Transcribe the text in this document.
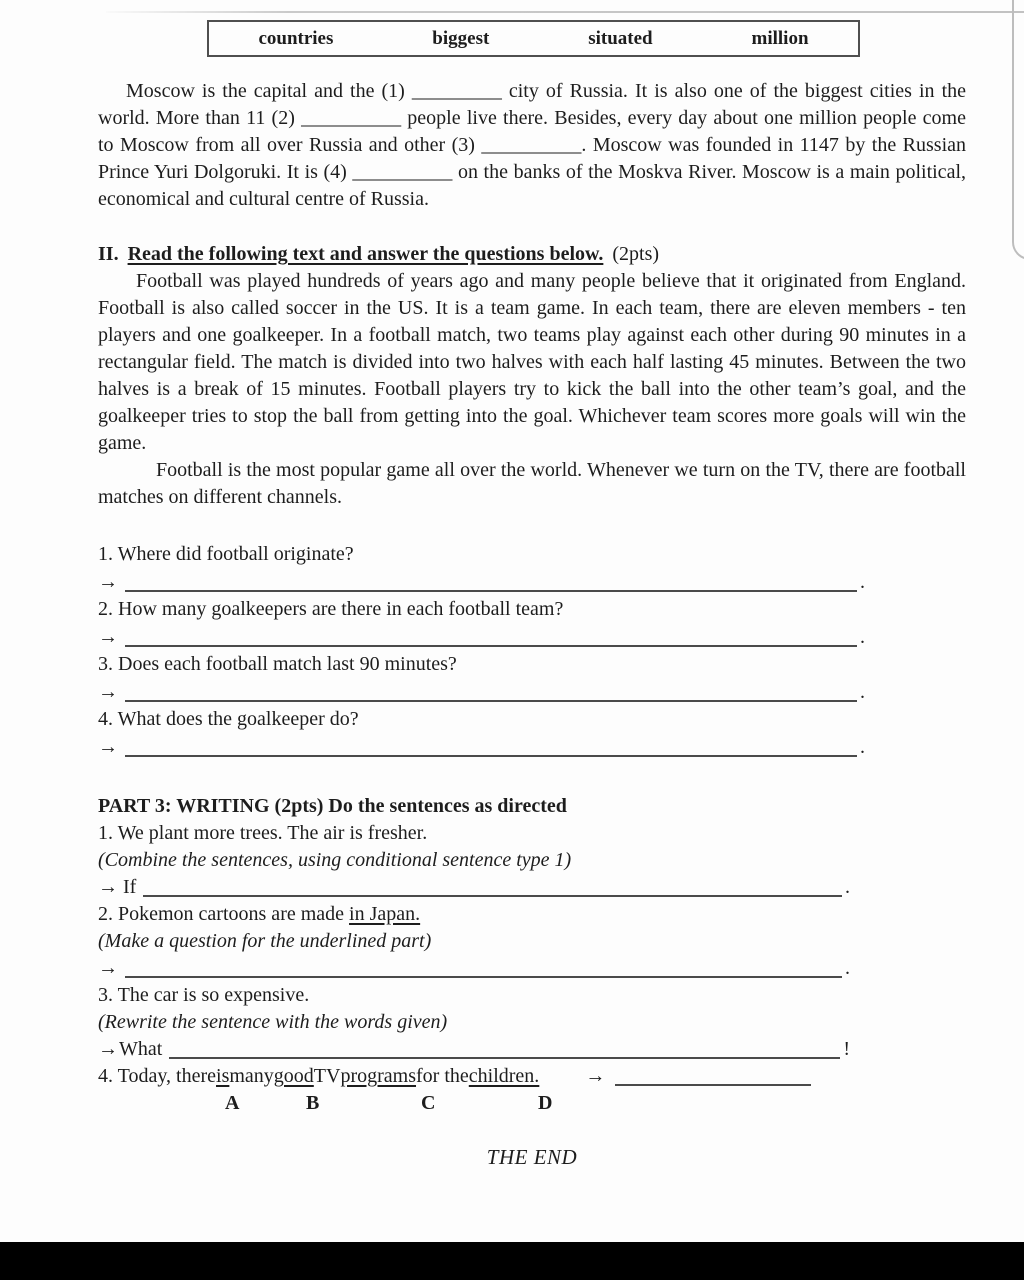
countries	biggest	situated	million
Moscow is the capital and the (1) _________ city of Russia. It is also one of the biggest cities in the world. More than 11 (2) __________ people live there. Besides, every day about one million people come to Moscow from all over Russia and other (3) __________. Moscow was founded in 1147 by the Russian Prince Yuri Dolgoruki. It is (4) __________ on the banks of the Moskva River. Moscow is a main political, economical and cultural centre of Russia.
II. Read the following text and answer the questions below. (2pts)
Football was played hundreds of years ago and many people believe that it originated from England. Football is also called soccer in the US. It is a team game. In each team, there are eleven members - ten players and one goalkeeper. In a football match, two teams play against each other during 90 minutes in a rectangular field. The match is divided into two halves with each half lasting 45 minutes. Between the two halves is a break of 15 minutes. Football players try to kick the ball into the other team’s goal, and the goalkeeper tries to stop the ball from getting into the goal. Whichever team scores more goals will win the game.
Football is the most popular game all over the world. Whenever we turn on the TV, there are football matches on different channels.
1. Where did football originate?
→	.
2. How many goalkeepers are there in each football team?
→	.
3. Does each football match last 90 minutes?
→	.
4. What does the goalkeeper do?
→	.
PART 3: WRITING (2pts) Do the sentences as directed
1. We plant more trees. The air is fresher.
(Combine the sentences, using conditional sentence type 1)
→ If	.
2. Pokemon cartoons are made in Japan.
(Make a question for the underlined part)
→	.
3. The car is so expensive.
(Rewrite the sentence with the words given)
→ What	!
4. Today, there is many good TV programs for the children. →
A	B	C	D
THE END
